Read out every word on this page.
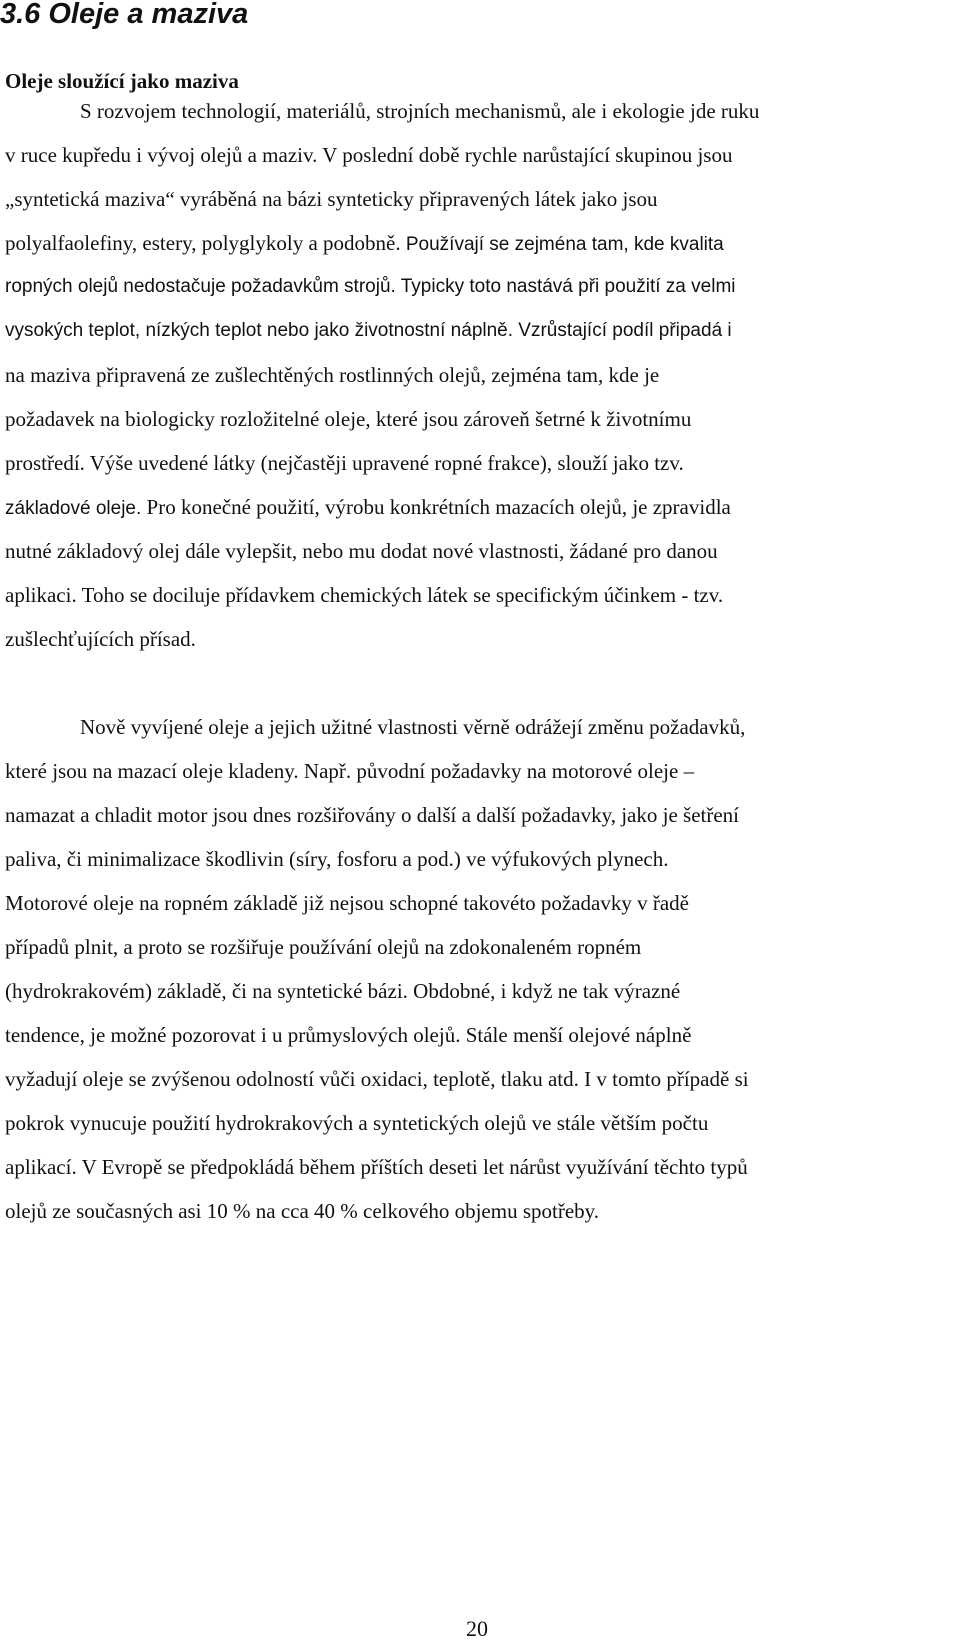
3.6 Oleje a maziva
Oleje sloužící jako maziva

S rozvojem technologií, materiálů, strojních mechanismů, ale i ekologie jde ruku

v ruce kupředu i vývoj olejů a maziv. V poslední době rychle narůstající skupinou jsou

„syntetická maziva“ vyráběná na bázi synteticky připravených látek jako jsou

polyalfaolefiny, estery, polyglykoly a podobně. Používají se zejména tam, kde kvalita

ropných olejů nedostačuje požadavkům strojů. Typicky toto nastává při použití za velmi

vysokých teplot, nízkých teplot nebo jako životnostní náplně. Vzrůstající podíl připadá i

na maziva připravená ze zušlechtěných rostlinných olejů, zejména tam, kde je

požadavek na biologicky rozložitelné oleje, které jsou zároveň šetrné k životnímu

prostředí. Výše uvedené látky (nejčastěji upravené ropné frakce), slouží jako tzv.

základové oleje. Pro konečné použití, výrobu konkrétních mazacích olejů, je zpravidla

nutné základový olej dále vylepšit, nebo mu dodat nové vlastnosti, žádané pro danou

aplikaci. Toho se dociluje přídavkem chemických látek se specifickým účinkem - tzv.

zušlechťujících přísad.

Nově vyvíjené oleje a jejich užitné vlastnosti věrně odrážejí změnu požadavků,

které jsou na mazací oleje kladeny. Např. původní požadavky na motorové oleje –

namazat a chladit motor jsou dnes rozšiřovány o další a další požadavky, jako je šetření

paliva, či minimalizace škodlivin (síry, fosforu a pod.) ve výfukových plynech.

Motorové oleje na ropném základě již nejsou schopné takovéto požadavky v řadě

případů plnit, a proto se rozšiřuje používání olejů na zdokonaleném ropném

(hydrokrakovém) základě, či na syntetické bázi. Obdobné, i když ne tak výrazné

tendence, je možné pozorovat i u průmyslových olejů. Stále menší olejové náplně

vyžadují oleje se zvýšenou odolností vůči oxidaci, teplotě, tlaku atd. I v tomto případě si

pokrok vynucuje použití hydrokrakových a syntetických olejů ve stále větším počtu

aplikací. V Evropě se předpokládá během příštích deseti let nárůst využívání těchto typů

olejů ze současných asi 10 % na cca 40 % celkového objemu spotřeby.

20
